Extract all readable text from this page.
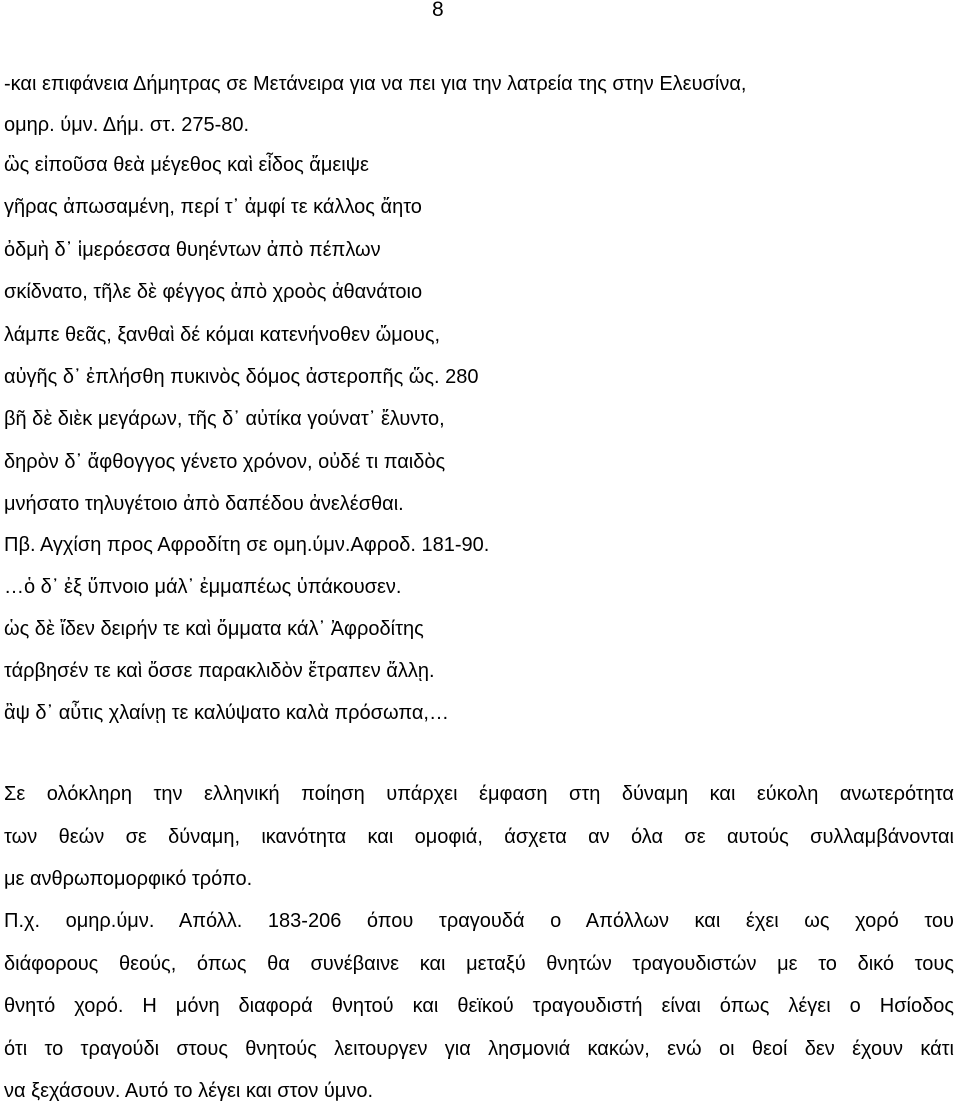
8
-και επιφάνεια Δήμητρας σε Μετάνειρα για να πει για την λατρεία της στην Ελευσίνα,
ομηρ. ύμν. Δήμ. στ. 275-80.
ὣς εἰποῦσα θεὰ μέγεθος καὶ εἶδος ἄμειψε
γῆρας ἀπωσαμένη, περί τ᾽ ἀμφί τε κάλλος ἄητο
ὀδμὴ δ᾽ ἱμερόεσσα θυηέντων ἀπὸ πέπλων
σκίδνατο, τῆλε δὲ φέγγος ἀπὸ χροὸς ἀθανάτοιο
λάμπε θεᾶς, ξανθαὶ δέ κόμαι κατενήνοθεν ὤμους,
αὐγῆς δ᾽ ἐπλήσθη πυκινὸς δόμος ἀστεροπῆς ὥς. 280
βῆ δὲ διὲκ μεγάρων, τῆς δ᾽ αὐτίκα γούνατ᾽ ἔλυντο,
δηρὸν δ᾽ ἄφθογγος γένετο χρόνον, οὐδέ τι παιδὸς
μνήσατο τηλυγέτοιο ἀπὸ δαπέδου ἀνελέσθαι.
Πβ. Αγχίση προς Αφροδίτη σε ομη.ύμν.Αφροδ. 181-90.
…ὁ δ᾽ ἐξ ὕπνοιο μάλ᾽ ἐμμαπέως ὑπάκουσεν.
ὡς δὲ ἴδεν δειρήν τε καὶ ὄμματα κάλ᾽ Ἀφροδίτης
τάρβησέν τε καὶ ὄσσε παρακλιδὸν ἔτραπεν ἄλλῃ.
ἂψ δ᾽ αὖτις χλαίνῃ τε καλύψατο καλὰ πρόσωπα,…
Σε ολόκληρη την ελληνική ποίηση υπάρχει έμφαση στη δύναμη και εύκολη ανωτερότητα
των θεών σε δύναμη, ικανότητα και ομοφιά, άσχετα αν όλα σε αυτούς συλλαμβάνονται
με ανθρωπομορφικό τρόπο.
Π.χ. ομηρ.ύμν. Απόλλ. 183-206 όπου τραγουδά ο Απόλλων και έχει ως χορό του
διάφορους θεούς, όπως θα συνέβαινε και μεταξύ θνητών τραγουδιστών με το δικό τους
θνητό χορό. Η μόνη διαφορά θνητού και θεϊκού τραγουδιστή είναι όπως λέγει ο Ησίοδος
ότι το τραγούδι στους θνητούς λειτουργεν για λησμονιά κακών, ενώ οι θεοί δεν έχουν κάτι
να ξεχάσουν. Αυτό το λέγει και στον ύμνο.
